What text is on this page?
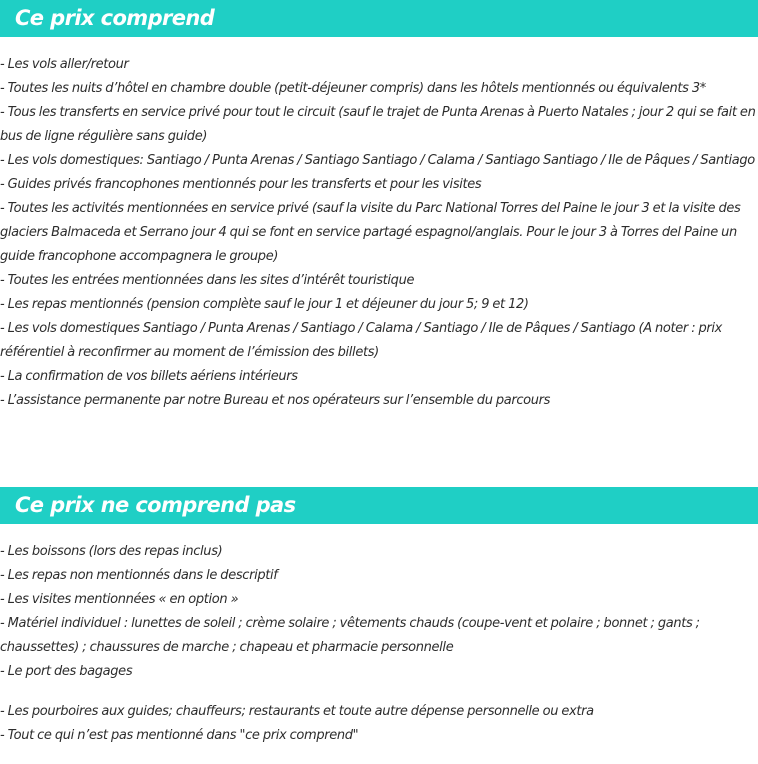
Ce prix comprend
- Les vols aller/retour
- Toutes les nuits d’hôtel en chambre double (petit-déjeuner compris) dans les hôtels mentionnés ou équivalents 3*
- Tous les transferts en service privé pour tout le circuit (sauf le trajet de Punta Arenas à Puerto Natales ; jour 2 qui se fait en bus de ligne régulière sans guide)
- Les vols domestiques: Santiago / Punta Arenas / Santiago Santiago / Calama / Santiago Santiago / Ile de Pâques / Santiago
- Guides privés francophones mentionnés pour les transferts et pour les visites
- Toutes les activités mentionnées en service privé (sauf la visite du Parc National Torres del Paine le jour 3 et la visite des glaciers Balmaceda et Serrano jour 4 qui se font en service partagé espagnol/anglais. Pour le jour 3 à Torres del Paine un guide francophone accompagnera le groupe)
- Toutes les entrées mentionnées dans les sites d’intérêt touristique
- Les repas mentionnés (pension complète sauf le jour 1 et déjeuner du jour 5; 9 et 12)
- Les vols domestiques Santiago / Punta Arenas / Santiago / Calama / Santiago / Ile de Pâques / Santiago (A noter : prix référentiel à reconfirmer au moment de l’émission des billets)
- La confirmation de vos billets aériens intérieurs
- L’assistance permanente par notre Bureau et nos opérateurs sur l’ensemble du parcours
Ce prix ne comprend pas
- Les boissons (lors des repas inclus)
- Les repas non mentionnés dans le descriptif
- Les visites mentionnées « en option »
- Matériel individuel : lunettes de soleil ; crème solaire ; vêtements chauds (coupe-vent et polaire ; bonnet ; gants ; chaussettes) ; chaussures de marche ; chapeau et pharmacie personnelle
- Le port des bagages
- Les pourboires aux guides; chauffeurs; restaurants et toute autre dépense personnelle ou extra
- Tout ce qui n’est pas mentionné dans "ce prix comprend"
